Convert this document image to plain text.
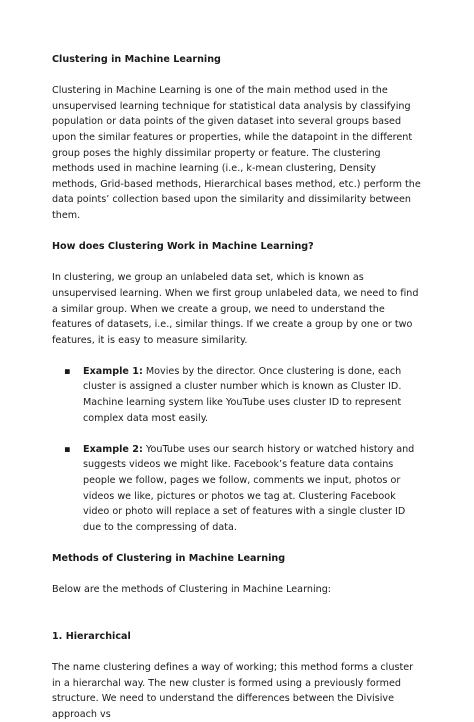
Clustering in Machine Learning

Clustering in Machine Learning is one of the main method used in the unsupervised learning technique for statistical data analysis by classifying population or data points of the given dataset into several groups based upon the similar features or properties, while the datapoint in the different group poses the highly dissimilar property or feature. The clustering methods used in machine learning (i.e., k-mean clustering, Density methods, Grid-based methods, Hierarchical bases method, etc.) perform the data points’ collection based upon the similarity and dissimilarity between them.

How does Clustering Work in Machine Learning?

In clustering, we group an unlabeled data set, which is known as unsupervised learning. When we first group unlabeled data, we need to find a similar group. When we create a group, we need to understand the features of datasets, i.e., similar things. If we create a group by one or two features, it is easy to measure similarity.

▪ Example 1: Movies by the director. Once clustering is done, each cluster is assigned a cluster number which is known as Cluster ID. Machine learning system like YouTube uses cluster ID to represent complex data most easily.
▪ Example 2: YouTube uses our search history or watched history and suggests videos we might like. Facebook’s feature data contains people we follow, pages we follow, comments we input, photos or videos we like, pictures or photos we tag at. Clustering Facebook video or photo will replace a set of features with a single cluster ID due to the compressing of data.

Methods of Clustering in Machine Learning

Below are the methods of Clustering in Machine Learning:

1. Hierarchical

The name clustering defines a way of working; this method forms a cluster in a hierarchal way. The new cluster is formed using a previously formed structure. We need to understand the differences between the Divisive approach vs
